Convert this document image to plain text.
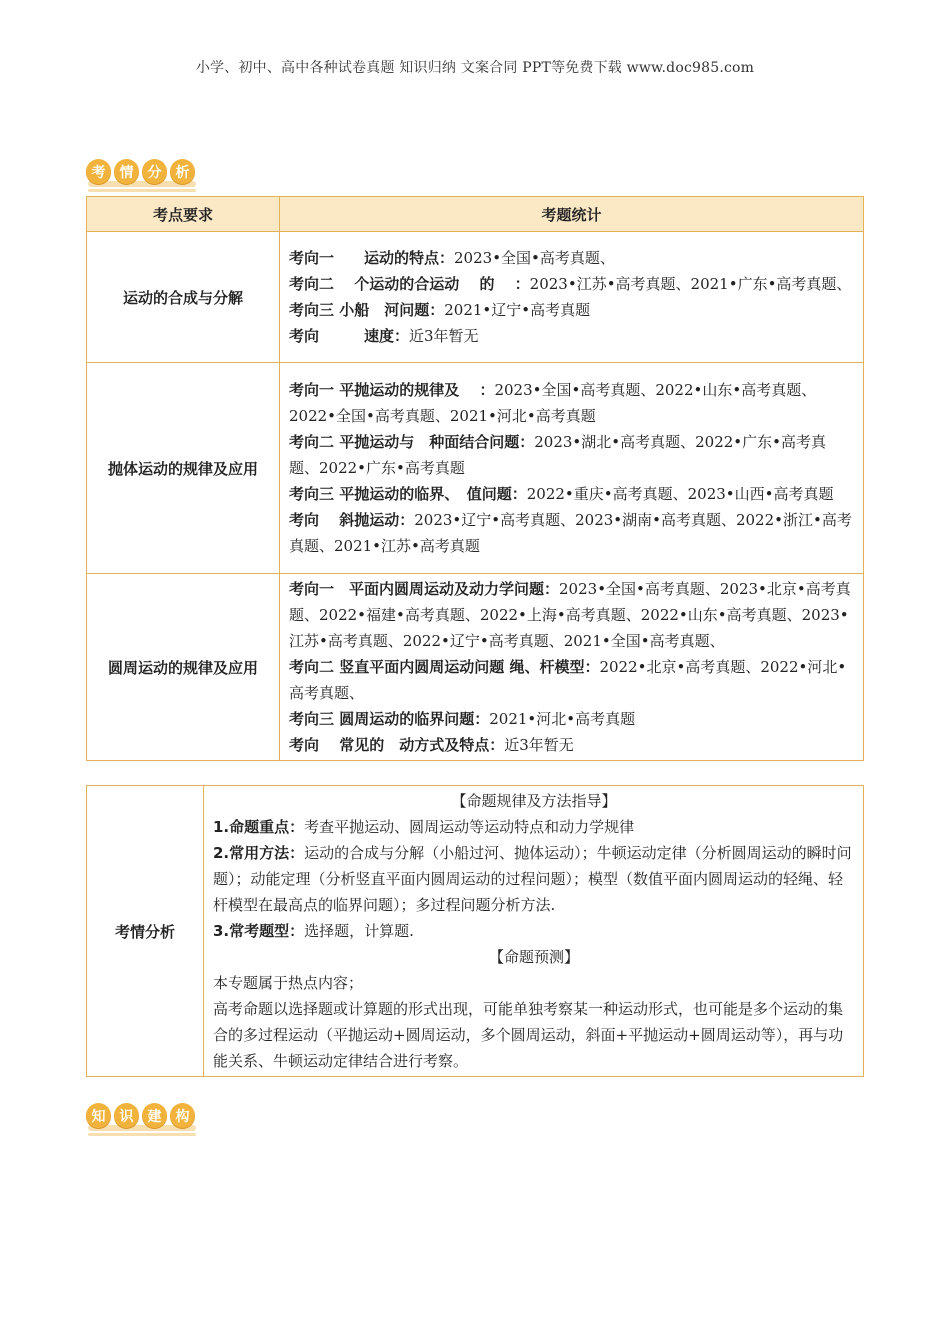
小学、初中、高中各种试卷真题 知识归纳 文案合同 PPT等免费下载 www.doc985.com
考	情	分	析
考点要求	考题统计
运动的合成与分解	考向一　　运动的特点：2023•全国•高考真题、
考向二　 个运动的合运动　 的　 ：2023•江苏•高考真题、2021•广东•高考真题、
考向三 小船　河问题：2021•辽宁•高考真题
考向　　　速度：近3年暂无

抛体运动的规律及应用	考向一 平抛运动的规律及　 ：2023•全国•高考真题、2022•山东•高考真题、2022•全国•高考真题、2021•河北•高考真题
考向二 平抛运动与　种面结合问题：2023•湖北•高考真题、2022•广东•高考真题、2022•广东•高考真题
考向三 平抛运动的临界、　值问题：2022•重庆•高考真题、2023•山西•高考真题
考向　 斜抛运动：2023•辽宁•高考真题、2023•湖南•高考真题、2022•浙江•高考真题、2021•江苏•高考真题

圆周运动的规律及应用	考向一　平面内圆周运动及动力学问题：2023•全国•高考真题、2023•北京•高考真题、2022•福建•高考真题、2022•上海•高考真题、2022•山东•高考真题、2023•江苏•高考真题、2022•辽宁•高考真题、2021•全国•高考真题、
考向二 竖直平面内圆周运动问题 绳、杆模型：2022•北京•高考真题、2022•河北•高考真题、
考向三 圆周运动的临界问题：2021•河北•高考真题
考向　 常见的　动方式及特点：近3年暂无
考情分析	
【命题规律及方法指导】
1.命题重点：考查平抛运动、圆周运动等运动特点和动力学规律
2.常用方法：运动的合成与分解（小船过河、抛体运动）；牛顿运动定律（分析圆周运动的瞬时问题）；动能定理（分析竖直平面内圆周运动的过程问题）；模型（数值平面内圆周运动的轻绳、轻杆模型在最高点的临界问题）；多过程问题分析方法.
3.常考题型：选择题，计算题.
【命题预测】
本专题属于热点内容；
高考命题以选择题或计算题的形式出现，可能单独考察某一种运动形式，也可能是多个运动的集合的多过程运动（平抛运动+圆周运动，多个圆周运动，斜面+平抛运动+圆周运动等），再与功能关系、牛顿运动定律结合进行考察。
知	识	建	构
